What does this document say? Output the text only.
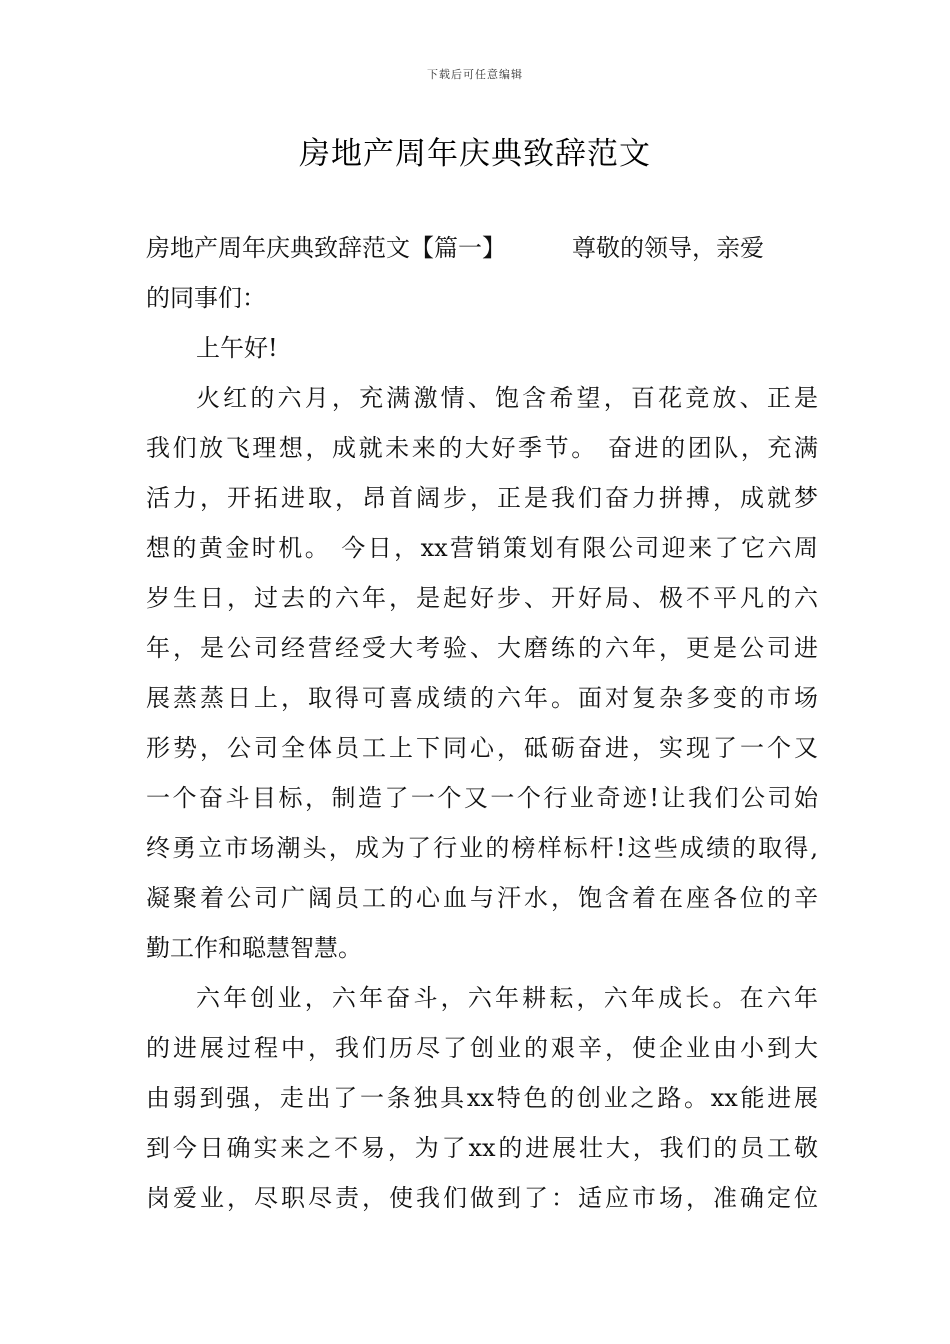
下载后可任意编辑
房地产周年庆典致辞范文
房地产周年庆典致辞范文【篇一】	尊敬的领导，亲爱
的同事们：
上午好!
火红的六月，充满激情、饱含希望，百花竞放、正是
我们放飞理想，成就未来的大好季节。 奋进的团队，充满
活力，开拓进取，昂首阔步，正是我们奋力拼搏，成就梦
想的黄金时机。 今日，xx营销策划有限公司迎来了它六周
岁生日，过去的六年，是起好步、开好局、极不平凡的六
年，是公司经营经受大考验、大磨练的六年，更是公司进
展蒸蒸日上，取得可喜成绩的六年。面对复杂多变的市场
形势，公司全体员工上下同心，砥砺奋进，实现了一个又
一个奋斗目标，制造了一个又一个行业奇迹!让我们公司始
终勇立市场潮头，成为了行业的榜样标杆!这些成绩的取得,
凝聚着公司广阔员工的心血与汗水，饱含着在座各位的辛
勤工作和聪慧智慧。
六年创业，六年奋斗，六年耕耘，六年成长。在六年
的进展过程中，我们历尽了创业的艰辛，使企业由小到大
由弱到强，走出了一条独具xx特色的创业之路。xx能进展
到今日确实来之不易，为了xx的进展壮大，我们的员工敬
岗爱业，尽职尽责，使我们做到了：适应市场，准确定位
